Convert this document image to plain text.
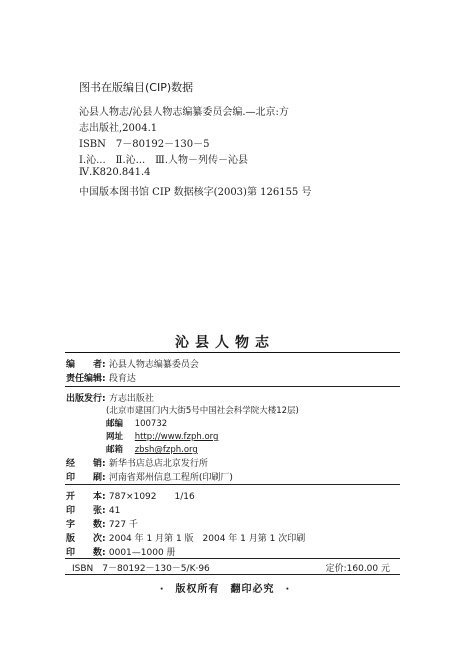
图书在版编目(CIP)数据
沁县人物志/沁县人物志编纂委员会编.—北京:方
志出版社,2004.1
ISBN　7－80192－130－5
Ⅰ.沁...　Ⅱ.沁...　Ⅲ.人物－列传－沁县
Ⅳ.K820.841.4
中国版本图书馆 CIP 数据核字(2003)第 126155 号
沁县人物志
编　　者: 沁县人物志编纂委员会
责任编辑: 段育达
出版发行: 方志出版社
(北京市建国门内大街5号中国社会科学院大楼12层)
邮编 100732
网址 http://www.fzph.org
邮箱 zbsh@fzph.org
经　　销: 新华书店总店北京发行所
印　　刷: 河南省郑州信息工程所(印刷厂)
开　　本: 787×1092　　1/16
印　　张: 41
字　　数: 727 千
版　　次: 2004 年 1 月第 1 版　2004 年 1 月第 1 次印刷
印　　数: 0001—1000 册
ISBN　7－80192－130－5/K·96	定价:160.00 元
·　版权所有　翻印必究　·
